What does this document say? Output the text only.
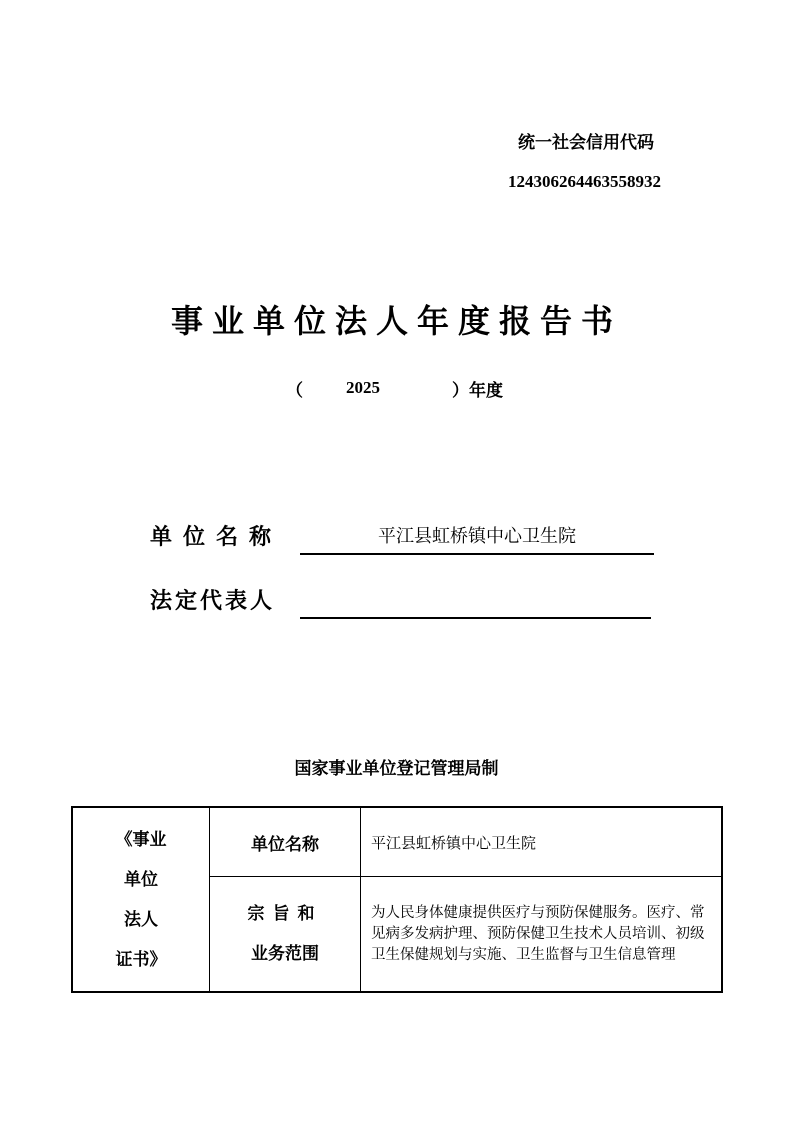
统一社会信用代码
12430626446355893​2
事业单位法人年度报告书
（	2025	）年度
单位名称	平江县虹桥镇中心卫生院
法定代表人
国家事业单位登记管理局制
《事业
单位
法人
证书》	单位名称	平江县虹桥镇中心卫生院

	宗旨和
业务范围	为人民身体健康提供医疗与预防保健服务。医疗、常见病多发病护理、预防保健卫生技术人员培训、初级卫生保健规划与实施、卫生监督与卫生信息管理
